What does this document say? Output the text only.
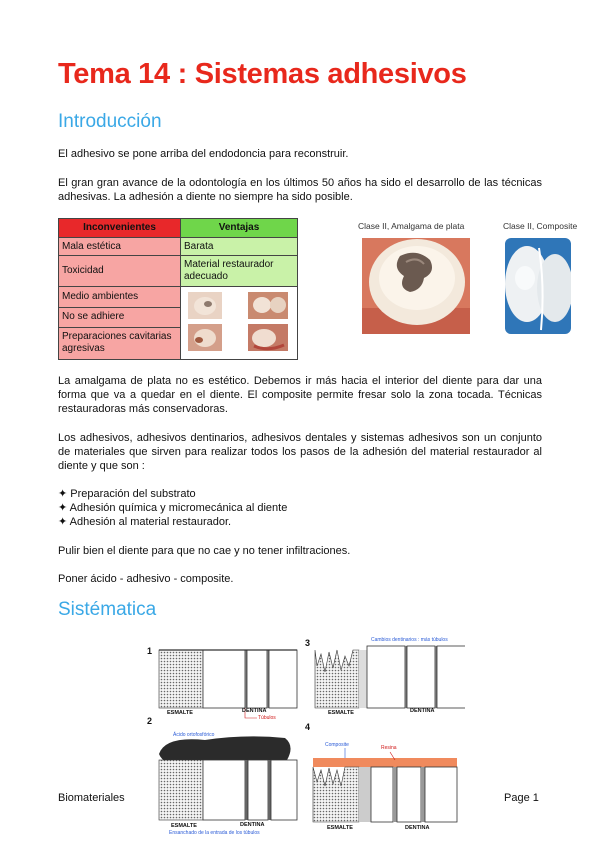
Tema 14 : Sistemas adhesivos
Introducción
El adhesivo se pone arriba del endodoncia para reconstruir.
El gran gran avance de la odontología en los últimos 50 años ha sido el desarrollo de las técnicas adhesivas. La adhesión a diente no siempre ha sido posible.
Inconvenientes	Ventajas
Mala estética	Barata
Toxicidad	Material restaurador adecuado
Medio ambientes	
No se adhiere	
Preparaciones cavitarias agresivas	
Clase II, Amalgama de plata	Clase II, Composite
La amalgama de plata no es estético. Debemos ir más hacia el interior del diente para dar una forma que va a quedar en el diente. El composite permite fresar solo la zona tocada. Técnicas restauradoras más conservadoras.
Los adhesivos, adhesivos dentinarios, adhesivos dentales y sistemas adhesivos son un conjunto de materiales que sirven para realizar todos los pasos de la adhesión del material restaurador al diente y que son :
✦ Preparación del substrato
✦ Adhesión química y micromecánica al diente
✦ Adhesión al material restaurador.
Pulir bien el diente para que no cae y no tener infiltraciones.
Poner ácido - adhesivo - composite.
Sistématica
1
2
3
4
ESMALTE	DENTINA
Túbulos
Ácido ortofosfórico
ESMALTE	DENTINA
Ensanchado de la entrada de los túbulos
Cambios dentinarios : más túbulos
ESMALTE	DENTINA
Composite	Resina
ESMALTE	DENTINA
Biomateriales	Page 1
